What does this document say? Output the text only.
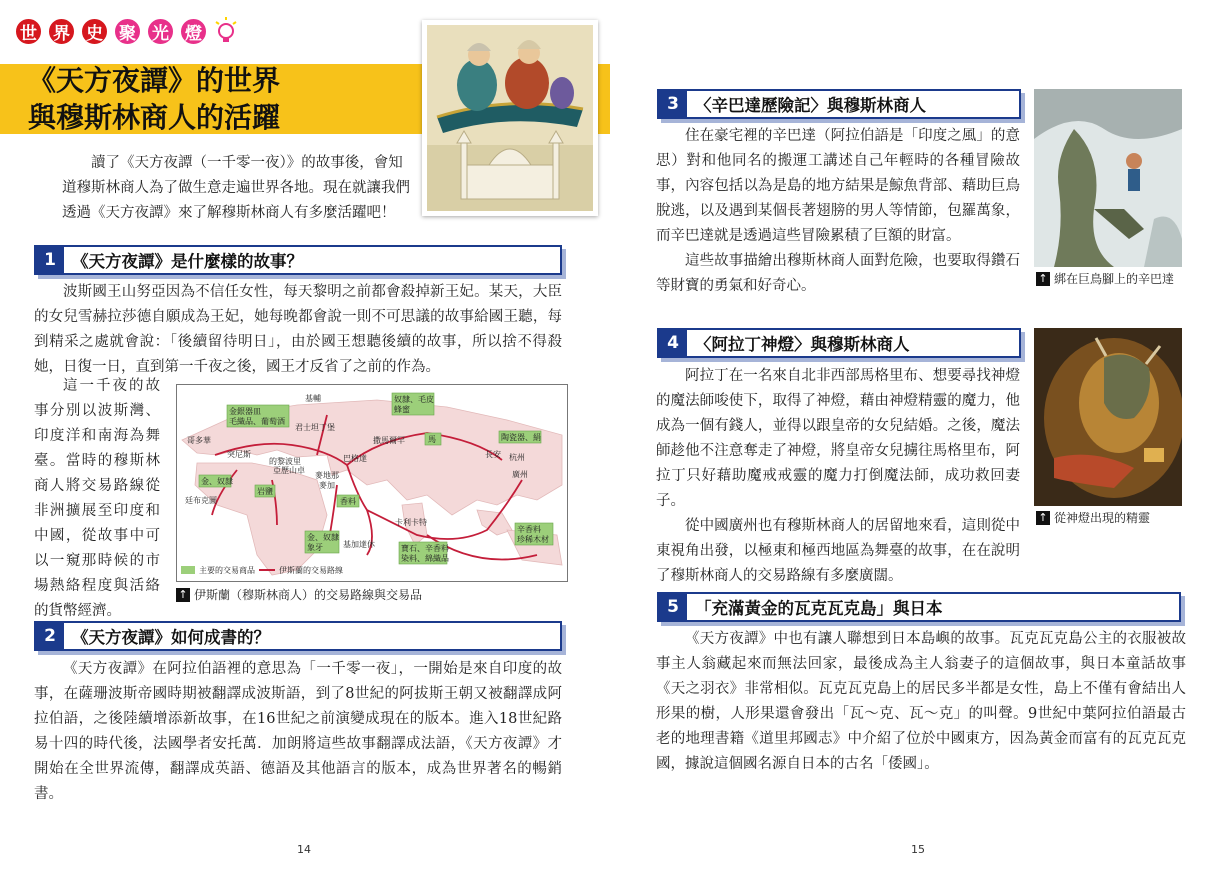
世 界 史 聚 光 燈
《天方夜譚》的世界
與穆斯林商人的活躍

讀了《天方夜譚（一千零一夜）》的故事後，會知道穆斯林商人為了做生意走遍世界各地。現在就讓我們透過《天方夜譚》來了解穆斯林商人有多麼活躍吧！

1 《天方夜譚》是什麼樣的故事？

波斯國王山努亞因為不信任女性，每天黎明之前都會殺掉新王妃。某天，大臣的女兒雪赫拉莎德自願成為王妃，她每晚都會說一則不可思議的故事給國王聽，每到精采之處就會說：「後續留待明日」，由於國王想聽後續的故事，所以捨不得殺她，日復一日，直到第一千夜之後，國王才反省了之前的作為。

這一千夜的故事分別以波斯灣、印度洋和南海為舞臺。當時的穆斯林商人將交易路線從非洲擴展至印度和中國，從故事中可以一窺那時候的市場熱絡程度與活絡的貨幣經濟。

金銀器皿
毛織品、葡萄酒
奴隸、毛皮
蜂蜜
馬	陶瓷器、絹
金、奴隸
岩鹽
香料
寶石、辛香料
染料、綿織品
辛香料
珍稀木材
金、奴隸
象牙
基輔
君士坦丁堡
撒馬爾罕
哥多華
突尼斯
的黎波里
亞歷山卓
巴格達	長安 杭州
廣州
麥地那
麥加
卡利卡特
廷布克圖
基加達休
主要的交易商品	伊斯蘭的交易路線
↑ 伊斯蘭（穆斯林商人）的交易路線與交易品
2 《天方夜譚》如何成書的？

《天方夜譚》在阿拉伯語裡的意思為「一千零一夜」，一開始是來自印度的故事，在薩珊波斯帝國時期被翻譯成波斯語，到了8世紀的阿拔斯王朝又被翻譯成阿拉伯語，之後陸續增添新故事，在16世紀之前演變成現在的版本。進入18世紀路易十四的時代後，法國學者安托萬．加朗將這些故事翻譯成法語，《天方夜譚》才開始在全世界流傳，翻譯成英語、德語及其他語言的版本，成為世界著名的暢銷書。

3 〈辛巴達歷險記〉與穆斯林商人

住在豪宅裡的辛巴達（阿拉伯語是「印度之風」的意思）對和他同名的搬運工講述自己年輕時的各種冒險故事，內容包括以為是島的地方結果是鯨魚背部、藉助巨鳥脫逃，以及遇到某個長著翅膀的男人等情節，包羅萬象，而辛巴達就是透過這些冒險累積了巨額的財富。

這些故事描繪出穆斯林商人面對危險，也要取得鑽石等財寶的勇氣和好奇心。	↑ 綁在巨鳥腳上的辛巴達
4 〈阿拉丁神燈〉與穆斯林商人

阿拉丁在一名來自北非西部馬格里布、想要尋找神燈的魔法師唆使下，取得了神燈，藉由神燈精靈的魔力，他成為一個有錢人，並得以跟皇帝的女兒結婚。之後，魔法師趁他不注意奪走了神燈，將皇帝女兒擄往馬格里布，阿拉丁只好藉助魔戒戒靈的魔力打倒魔法師，成功救回妻子。

從中國廣州也有穆斯林商人的居留地來看，這則從中東視角出發，以極東和極西地區為舞臺的故事，在在說明了穆斯林商人的交易路線有多麼廣闊。

↑ 從神燈出現的精靈
5 「充滿黃金的瓦克瓦克島」與日本

《天方夜譚》中也有讓人聯想到日本島嶼的故事。瓦克瓦克島公主的衣服被故事主人翁藏起來而無法回家，最後成為主人翁妻子的這個故事，與日本童話故事《天之羽衣》非常相似。瓦克瓦克島上的居民多半都是女性，島上不僅有會結出人形果的樹，人形果還會發出「瓦～克、瓦～克」的叫聲。9世紀中葉阿拉伯語最古老的地理書籍《道里邦國志》中介紹了位於中國東方，因為黃金而富有的瓦克瓦克國，據說這個國名源自日本的古名「倭國」。

14	15
